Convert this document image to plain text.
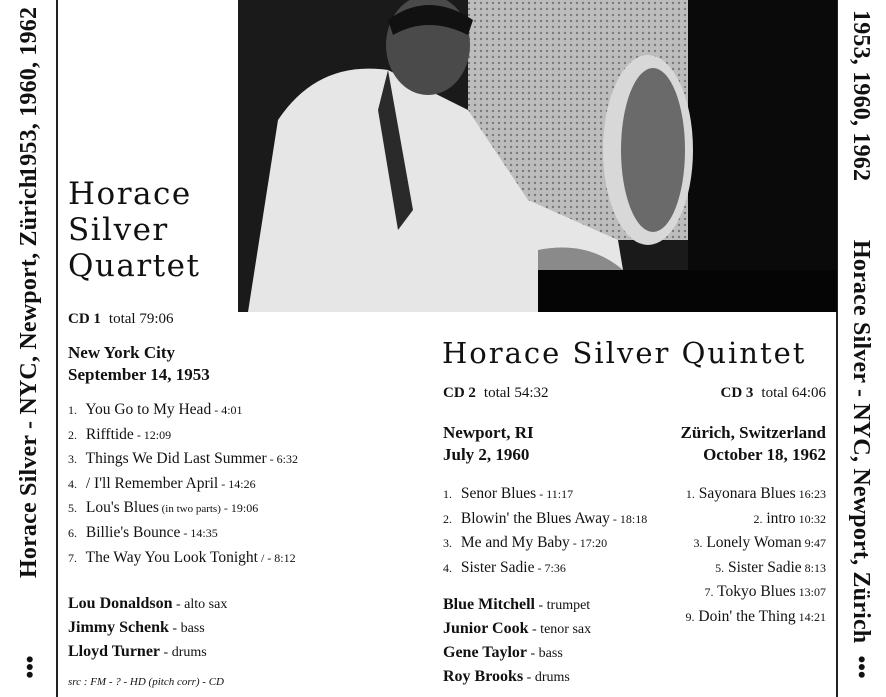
1953, 1960, 1962
Horace Silver - NYC, Newport, Zürich
•••
1953, 1960, 1962
Horace Silver - NYC, Newport, Zürich
•••
Horace
Silver
Quartet
CD 1 total 79:06
New York City
September 14, 1953
1. You Go to My Head - 4:01
2. Rifftide - 12:09
3. Things We Did Last Summer - 6:32
4. / I'll Remember April - 14:26
5. Lou's Blues (in two parts) - 19:06
6. Billie's Bounce - 14:35
7. The Way You Look Tonight / - 8:12
Lou Donaldson - alto sax
Jimmy Schenk - bass
Lloyd Turner - drums
src : FM - ? - HD (pitch corr) - CD
Horace Silver Quintet
CD 2 total 54:32
Newport, RI
July 2, 1960
1. Senor Blues - 11:17
2. Blowin' the Blues Away - 18:18
3. Me and My Baby - 17:20
4. Sister Sadie - 7:36
Blue Mitchell - trumpet
Junior Cook - tenor sax
Gene Taylor - bass
Roy Brooks - drums
CD 3 total 64:06
Zürich, Switzerland
October 18, 1962
1. Sayonara Blues 16:23
2. intro 10:32
3. Lonely Woman 9:47
5. Sister Sadie 8:13
7. Tokyo Blues 13:07
9. Doin' the Thing 14:21
